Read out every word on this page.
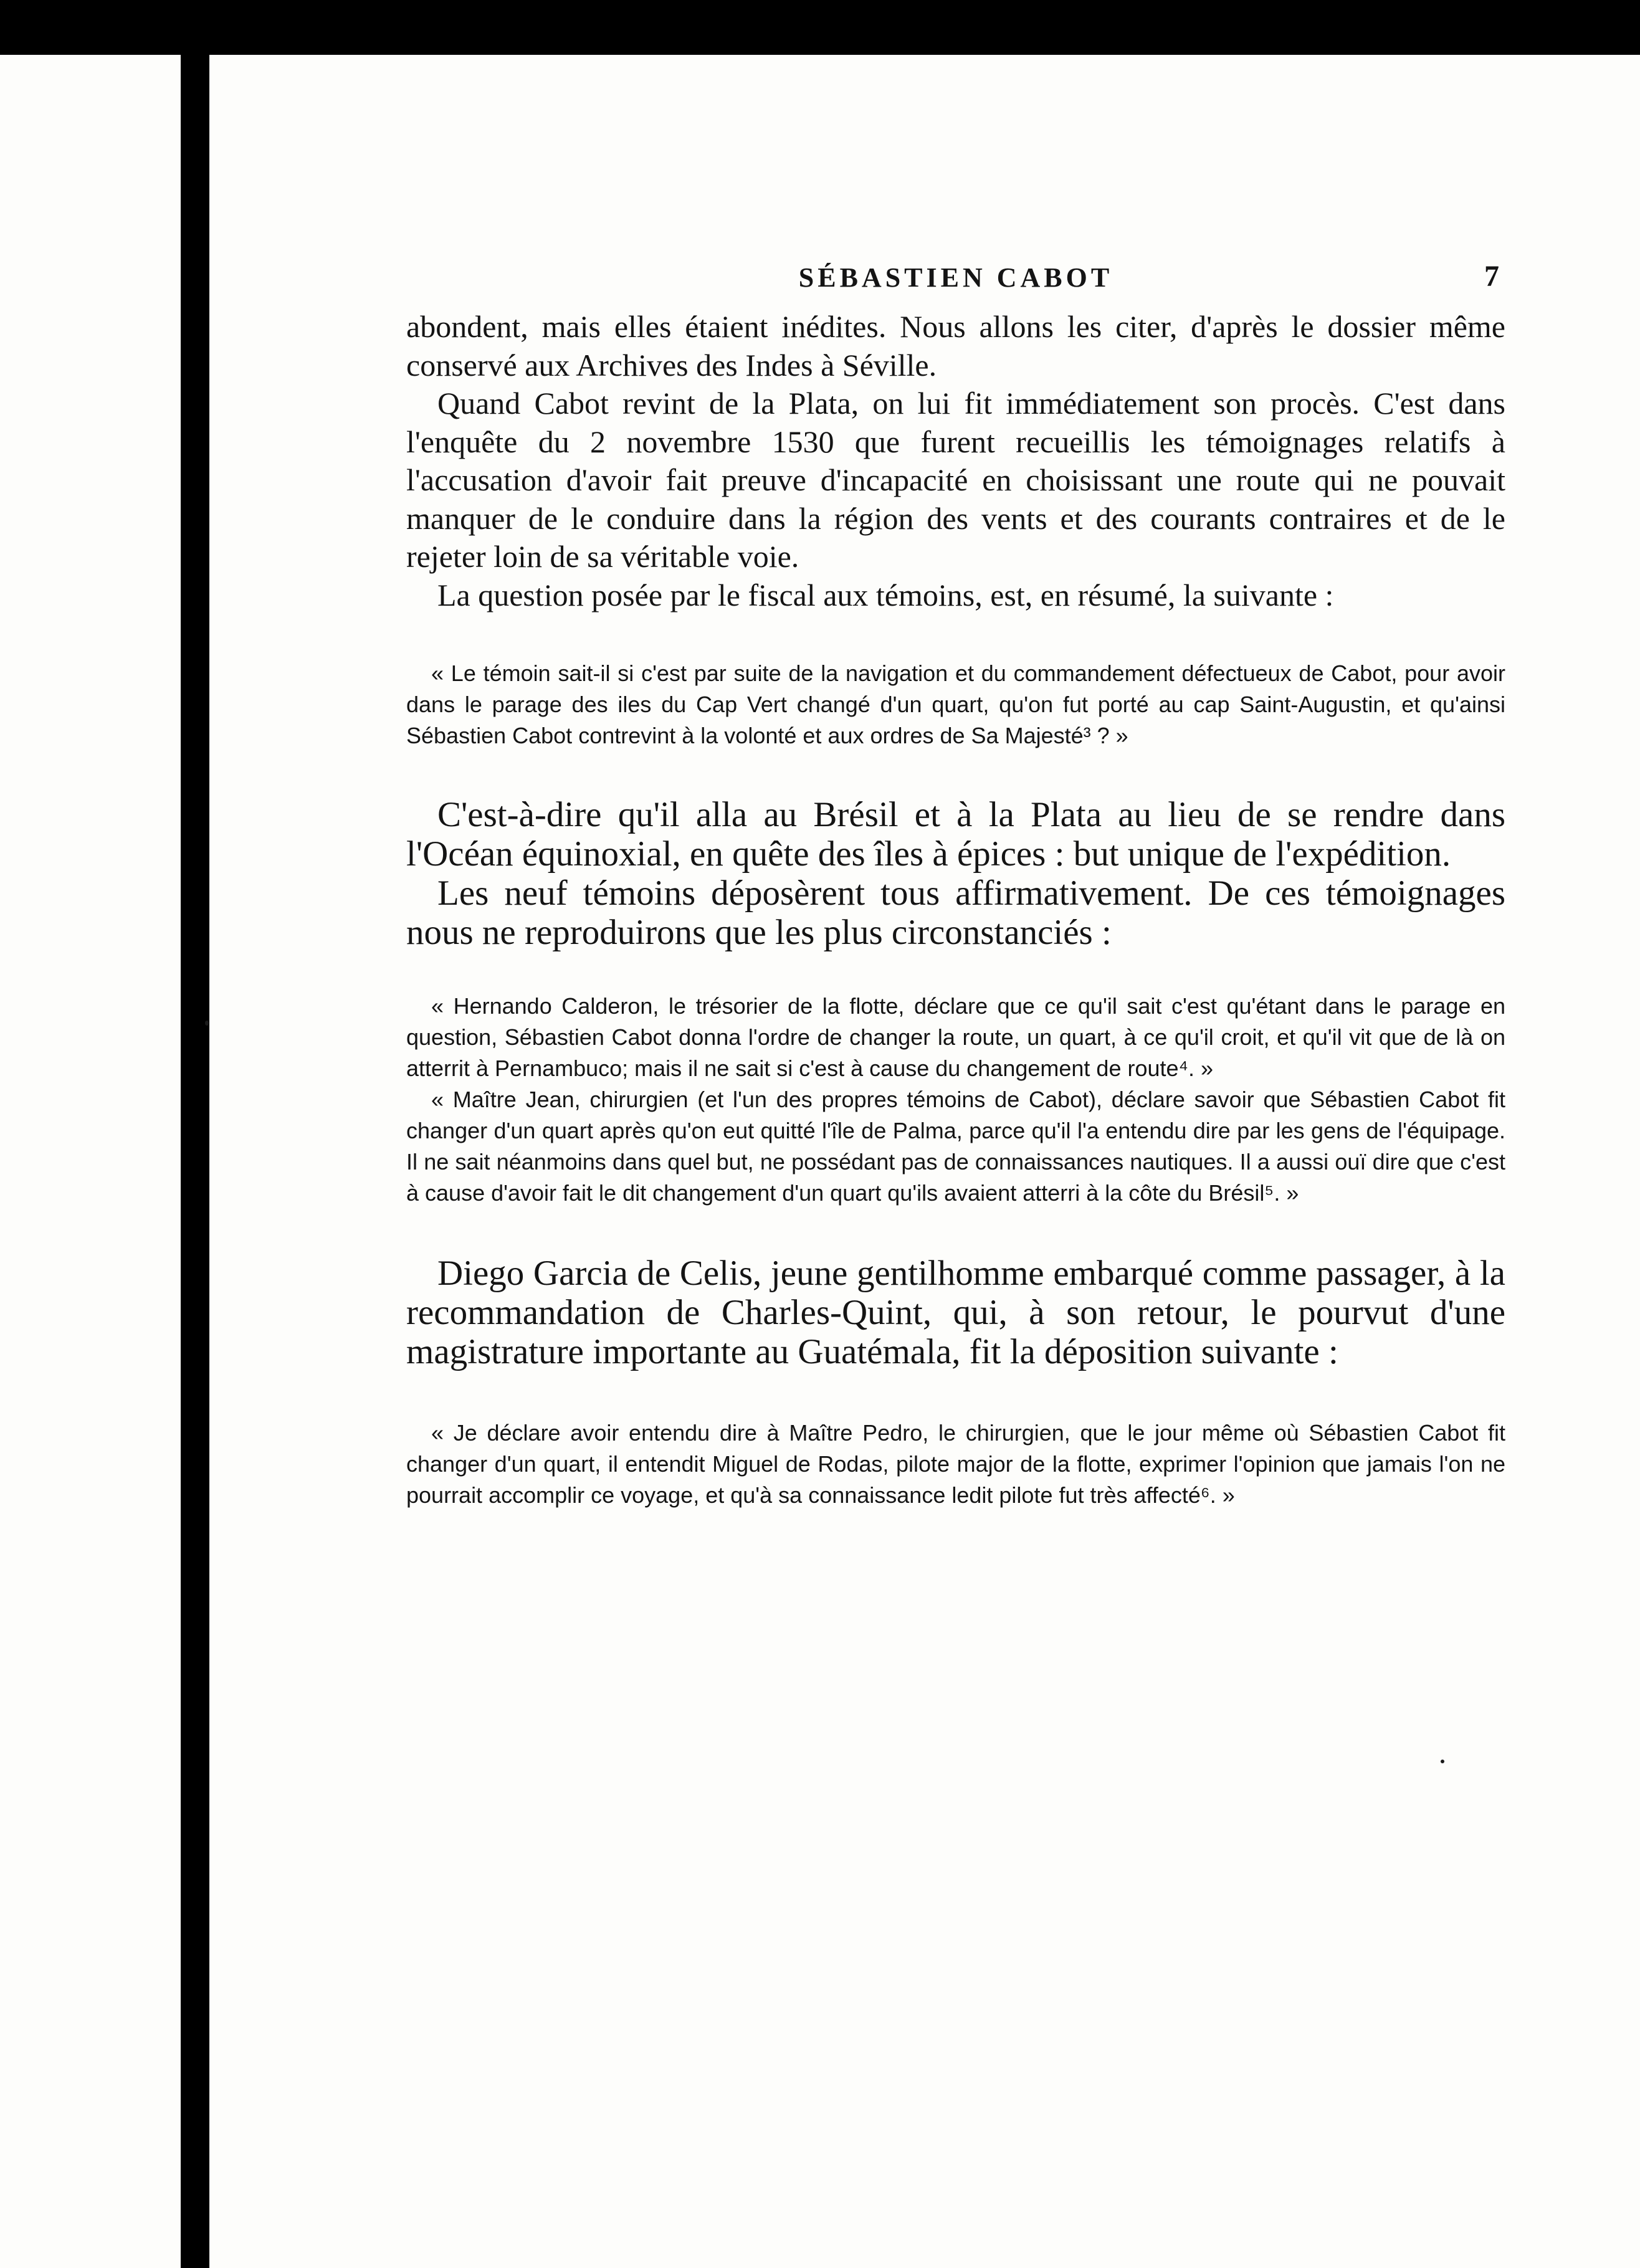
SÉBASTIEN CABOT	7

abondent, mais elles étaient inédites. Nous allons les citer, d'après le dossier même conservé aux Archives des Indes à Séville.

Quand Cabot revint de la Plata, on lui fit immédiatement son procès. C'est dans l'enquête du 2 novembre 1530 que furent recueillis les témoignages relatifs à l'accusation d'avoir fait preuve d'incapacité en choisissant une route qui ne pouvait manquer de le conduire dans la région des vents et des courants contraires et de le rejeter loin de sa véritable voie.

La question posée par le fiscal aux témoins, est, en résumé, la suivante :

« Le témoin sait-il si c'est par suite de la navigation et du commandement défectueux de Cabot, pour avoir dans le parage des iles du Cap Vert changé d'un quart, qu'on fut porté au cap Saint-Augustin, et qu'ainsi Sébastien Cabot contrevint à la volonté et aux ordres de Sa Majesté³ ? »

C'est-à-dire qu'il alla au Brésil et à la Plata au lieu de se rendre dans l'Océan équinoxial, en quête des îles à épices : but unique de l'expédition.

Les neuf témoins déposèrent tous affirmativement. De ces témoignages nous ne reproduirons que les plus circonstanciés :

« Hernando Calderon, le trésorier de la flotte, déclare que ce qu'il sait c'est qu'étant dans le parage en question, Sébastien Cabot donna l'ordre de changer la route, un quart, à ce qu'il croit, et qu'il vit que de là on atterrit à Pernambuco; mais il ne sait si c'est à cause du changement de route⁴. »

« Maître Jean, chirurgien (et l'un des propres témoins de Cabot), déclare savoir que Sébastien Cabot fit changer d'un quart après qu'on eut quitté l'île de Palma, parce qu'il l'a entendu dire par les gens de l'équipage. Il ne sait néanmoins dans quel but, ne possédant pas de connaissances nautiques. Il a aussi ouï dire que c'est à cause d'avoir fait le dit changement d'un quart qu'ils avaient atterri à la côte du Brésil⁵. »

Diego Garcia de Celis, jeune gentilhomme embarqué comme passager, à la recommandation de Charles-Quint, qui, à son retour, le pourvut d'une magistrature importante au Guatémala, fit la déposition suivante :

« Je déclare avoir entendu dire à Maître Pedro, le chirurgien, que le jour même où Sébastien Cabot fit changer d'un quart, il entendit Miguel de Rodas, pilote major de la flotte, exprimer l'opinion que jamais l'on ne pourrait accomplir ce voyage, et qu'à sa connaissance ledit pilote fut très affecté⁶. »
